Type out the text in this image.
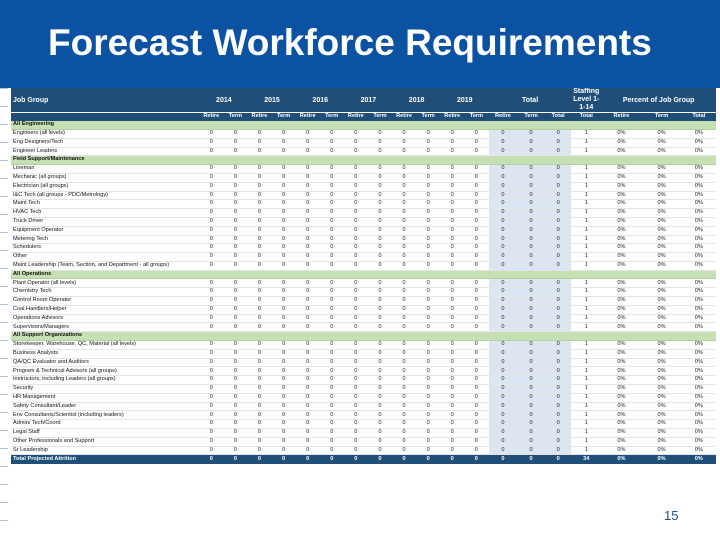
Forecast Workforce Requirements
Job Group	2014		2015		2016		2017		2018		2019		Total			Staffing Level 1-1-14	Percent of Job Group		
	Retire	Term	Retire	Term	Retire	Term	Retire	Term	Retire	Term	Retire	Term	Retire	Term	Total	Total	Retire	Term	Total
All Engineering																			
Engineers (all levels)	0	0	0	0	0	0	0	0	0	0	0	0	0	0	0	1	0%	0%	0%
Eng Designers/Tech	0	0	0	0	0	0	0	0	0	0	0	0	0	0	0	1	0%	0%	0%
Engineer Leaders	0	0	0	0	0	0	0	0	0	0	0	0	0	0	0	1	0%	0%	0%
Field Support/Maintenance																			
Lineman	0	0	0	0	0	0	0	0	0	0	0	0	0	0	0	1	0%	0%	0%
Mechanic (all groups)	0	0	0	0	0	0	0	0	0	0	0	0	0	0	0	1	0%	0%	0%
Electrician (all groups)	0	0	0	0	0	0	0	0	0	0	0	0	0	0	0	1	0%	0%	0%
I&C Tech (all groups - PDC/Metrology)	0	0	0	0	0	0	0	0	0	0	0	0	0	0	0	1	0%	0%	0%
Maint Tech	0	0	0	0	0	0	0	0	0	0	0	0	0	0	0	1	0%	0%	0%
HVAC Tech	0	0	0	0	0	0	0	0	0	0	0	0	0	0	0	1	0%	0%	0%
Truck Driver	0	0	0	0	0	0	0	0	0	0	0	0	0	0	0	1	0%	0%	0%
Equipment Operator	0	0	0	0	0	0	0	0	0	0	0	0	0	0	0	1	0%	0%	0%
Metering Tech	0	0	0	0	0	0	0	0	0	0	0	0	0	0	0	1	0%	0%	0%
Schedulers	0	0	0	0	0	0	0	0	0	0	0	0	0	0	0	1	0%	0%	0%
Other	0	0	0	0	0	0	0	0	0	0	0	0	0	0	0	1	0%	0%	0%
Maint Leadership (Team, Section, and Department - all groups)	0	0	0	0	0	0	0	0	0	0	0	0	0	0	0	1	0%	0%	0%
All Operations																			
Plant Operator (all levels)	0	0	0	0	0	0	0	0	0	0	0	0	0	0	0	1	0%	0%	0%
Chemistry Tech	0	0	0	0	0	0	0	0	0	0	0	0	0	0	0	1	0%	0%	0%
Control Room Operator	0	0	0	0	0	0	0	0	0	0	0	0	0	0	0	1	0%	0%	0%
Coal Handlers/Helper	0	0	0	0	0	0	0	0	0	0	0	0	0	0	0	1	0%	0%	0%
Operations Advisors	0	0	0	0	0	0	0	0	0	0	0	0	0	0	0	1	0%	0%	0%
Supervisors/Managers	0	0	0	0	0	0	0	0	0	0	0	0	0	0	0	1	0%	0%	0%
All Support Organizations																			
Storekeeper, Warehouse, QC, Material (all levels)	0	0	0	0	0	0	0	0	0	0	0	0	0	0	0	1	0%	0%	0%
Business Analysts	0	0	0	0	0	0	0	0	0	0	0	0	0	0	0	1	0%	0%	0%
QA/QC Evaluator and Auditors	0	0	0	0	0	0	0	0	0	0	0	0	0	0	0	1	0%	0%	0%
Program & Technical Advisors (all groups)	0	0	0	0	0	0	0	0	0	0	0	0	0	0	0	1	0%	0%	0%
Instructors, including Leaders (all groups)	0	0	0	0	0	0	0	0	0	0	0	0	0	0	0	1	0%	0%	0%
Security	0	0	0	0	0	0	0	0	0	0	0	0	0	0	0	1	0%	0%	0%
HR Management	0	0	0	0	0	0	0	0	0	0	0	0	0	0	0	1	0%	0%	0%
Safety Consultant/Leader	0	0	0	0	0	0	0	0	0	0	0	0	0	0	0	1	0%	0%	0%
Env Consultants/Scientist (including leaders)	0	0	0	0	0	0	0	0	0	0	0	0	0	0	0	1	0%	0%	0%
Admin/ Tech/Coord	0	0	0	0	0	0	0	0	0	0	0	0	0	0	0	1	0%	0%	0%
Legal Staff	0	0	0	0	0	0	0	0	0	0	0	0	0	0	0	1	0%	0%	0%
Other Professionals and Support	0	0	0	0	0	0	0	0	0	0	0	0	0	0	0	1	0%	0%	0%
Sr Leadership	0	0	0	0	0	0	0	0	0	0	0	0	0	0	0	1	0%	0%	0%
Total Projected Attrition	0	0	0	0	0	0	0	0	0	0	0	0	0	0	0	34	0%	0%	0%
15
